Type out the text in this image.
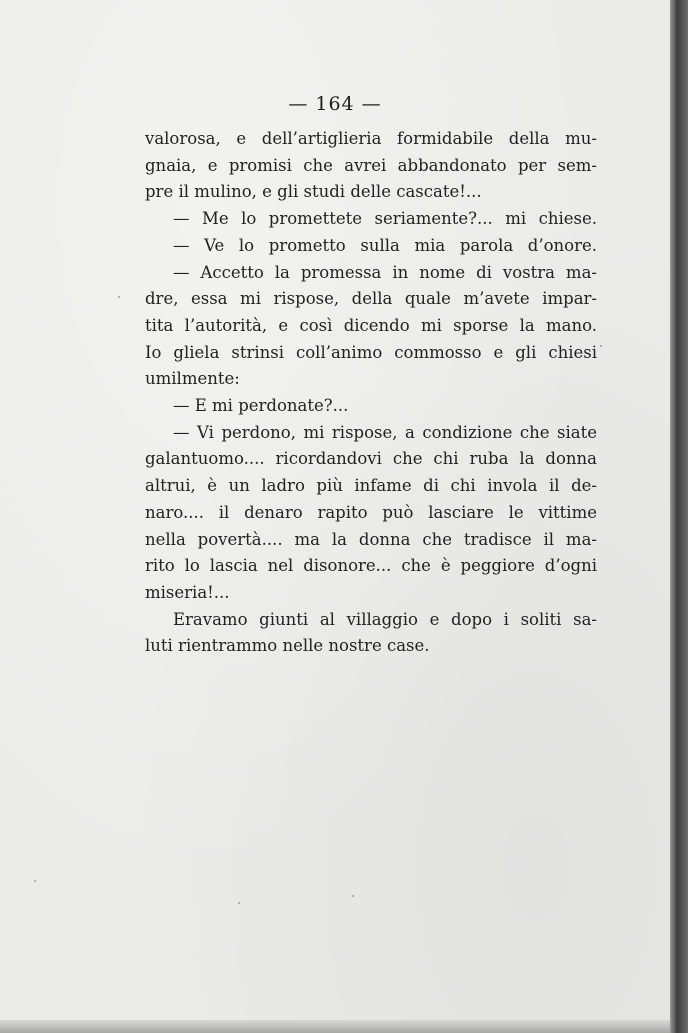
— 164 —
valorosa, e dell’artiglieria formidabile della mu-
gnaia, e promisi che avrei abbandonato per sem-
pre il mulino, e gli studi delle cascate!...
— Me lo promettete seriamente?... mi chiese.
— Ve lo prometto sulla mia parola d’onore.
— Accetto la promessa in nome di vostra ma-
dre, essa mi rispose, della quale m’avete impar-
tita l’autorità, e così dicendo mi sporse la mano.
Io gliela strinsi coll’animo commosso e gli chiesi
umilmente:
— E mi perdonate?...
— Vi perdono, mi rispose, a condizione che siate
galantuomo.... ricordandovi che chi ruba la donna
altrui, è un ladro più infame di chi invola il de-
naro.... il denaro rapito può lasciare le vittime
nella povertà.... ma la donna che tradisce il ma-
rito lo lascia nel disonore... che è peggiore d’ogni
miseria!...
Eravamo giunti al villaggio e dopo i soliti sa-
luti rientrammo nelle nostre case.
